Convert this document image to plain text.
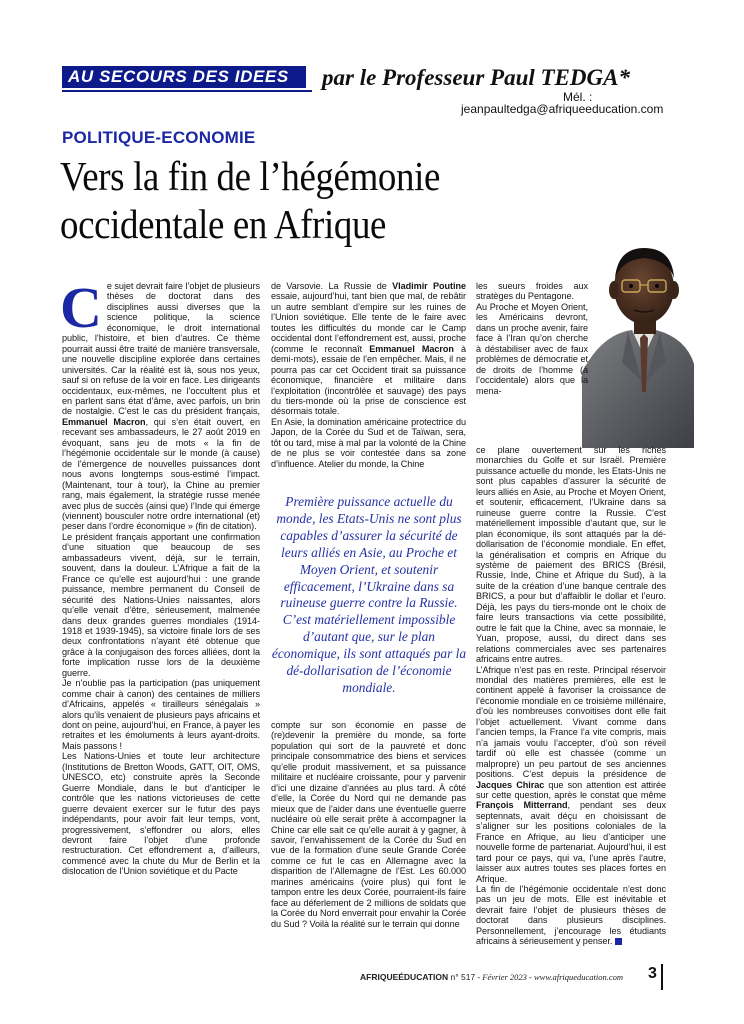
AU SECOURS DES IDEES	par le Professeur Paul TEDGA*
Mél. :
jeanpaultedga@afriqueeducation.com
POLITIQUE-ECONOMIE
Vers la fin de l’hégémonie occidentale en Afrique
C e sujet devrait faire l’objet de plusieurs thèses de doctorat dans des disciplines aussi diverses que la science politique, la science économique, le droit international public, l’histoire, et bien d’autres. Ce thème pourrait aussi être traité de manière transversale, une nouvelle discipline explorée dans certaines universités. Car la réalité est là, sous nos yeux, sauf si on refuse de la voir en face. Les dirigeants occidentaux, eux-mêmes, ne l’occultent plus et en parlent sans état d’âme, avec parfois, un brin de nostalgie. C’est le cas du président français, Emmanuel Macron, qui s’en était ouvert, en recevant ses ambassadeurs, le 27 août 2019 en évoquant, sans jeu de mots « la fin de l’hégémonie occidentale sur le monde (à cause) de l’émergence de nouvelles puissances dont nous avons longtemps sous-estimé l’impact. (Maintenant, tour à tour), la Chine au premier rang, mais également, la stratégie russe menée avec plus de succès (ainsi que) l’Inde qui émerge (viennent) bousculer notre ordre international (et) peser dans l’ordre économique » (fin de citation).

Le président français apportant une confirmation d’une situation que beaucoup de ses ambassadeurs vivent, déjà, sur le terrain, souvent, dans la douleur. L’Afrique a fait de la France ce qu’elle est aujourd’hui : une grande puissance, membre permanent du Conseil de sécurité des Nations-Unies naissantes, alors qu’elle venait d’être, sérieusement, malmenée dans deux grandes guerres mondiales (1914-1918 et 1939-1945), sa victoire finale lors de ses deux confrontations n’ayant été obtenue que grâce à la conjugaison des forces alliées, dont la forte implication russe lors de la deuxième guerre.

Je n’oublie pas la participation (pas uniquement comme chair à canon) des centaines de milliers d’Africains, appelés « tirailleurs sénégalais » alors qu’ils venaient de plusieurs pays africains et dont on peine, aujourd’hui, en France, à payer les retraites et les émoluments à leurs ayant-droits. Mais passons !

Les Nations-Unies et toute leur architecture (Institutions de Bretton Woods, GATT, OIT, OMS, UNESCO, etc) construite après la Seconde Guerre Mondiale, dans le but d’anticiper le contrôle que les nations victorieuses de cette guerre devaient exercer sur le futur des pays indépendants, pour avoir fait leur temps, vont, progressivement, s’effondrer ou alors, elles devront faire l’objet d’une profonde restructuration. Cet effondrement a, d’ailleurs, commencé avec la chute du Mur de Berlin et la dislocation de l’Union soviétique et du Pacte

de Varsovie. La Russie de Vladimir Poutine essaie, aujourd’hui, tant bien que mal, de rebâtir un autre semblant d’empire sur les ruines de l’Union soviétique. Elle tente de le faire avec toutes les difficultés du monde car le Camp occidental dont l’effondrement est, aussi, proche (comme le reconnaît Emmanuel Macron à demi-mots), essaie de l’en empêcher. Mais, il ne pourra pas car cet Occident tirait sa puissance économique, financière et militaire dans l’exploitation (incontrôlée et sauvage) des pays du tiers-monde où la prise de conscience est désormais totale.

En Asie, la domination américaine protectrice du Japon, de la Corée du Sud et de Taïwan, sera, tôt ou tard, mise à mal par la volonté de la Chine de ne plus se voir contestée dans sa zone d’influence. Atelier du monde, la Chine

Première puissance actuelle du monde, les Etats-Unis ne sont plus capables d’assurer la sécurité de leurs alliés en Asie, au Proche et Moyen Orient, et soutenir efficacement, l’Ukraine dans sa ruineuse guerre contre la Russie. C’est matériellement impossible d’autant que, sur le plan économique, ils sont attaqués par la dé-dollarisation de l’économie mondiale.

compte sur son économie en passe de (re)devenir la première du monde, sa forte population qui sort de la pauvreté et donc principale consommatrice des biens et services qu’elle produit massivement, et sa puissance militaire et nucléaire croissante, pour y parvenir d’ici une dizaine d’années au plus tard. À côté d’elle, la Corée du Nord qui ne demande pas mieux que de l’aider dans une éventuelle guerre nucléaire où elle serait prête à accompagner la Chine car elle sait ce qu’elle aurait à y gagner, à savoir, l’envahissement de la Corée du Sud en vue de la formation d’une seule Grande Corée comme ce fut le cas en Allemagne avec la disparition de l’Allemagne de l’Est. Les 60.000 marines américains (voire plus) qui font le tampon entre les deux Corée, pourraient-ils faire face au déferlement de 2 millions de soldats que la Corée du Nord enverrait pour envahir la Corée du Sud ? Voilà la réalité sur le terrain qui donne

les sueurs froides aux stratèges du Pentagone.

Au Proche et Moyen Orient, les Américains devront, dans un proche avenir, faire face à l’Iran qu’on cherche à déstabiliser avec de faux problèmes de démocratie et de droits de l’homme (à l’occidentale) alors que la mena-

ce plane ouvertement sur les riches monarchies du Golfe et sur Israël. Première puissance actuelle du monde, les Etats-Unis ne sont plus capables d’assurer la sécurité de leurs alliés en Asie, au Proche et Moyen Orient, et soutenir, efficacement, l’Ukraine dans sa ruineuse guerre contre la Russie. C’est matériellement impossible d’autant que, sur le plan économique, ils sont attaqués par la dé-dollarisation de l’économie mondiale. En effet, la généralisation et compris en Afrique du système de paiement des BRICS (Brésil, Russie, Inde, Chine et Afrique du Sud), à la suite de la création d’une banque centrale des BRICS, a pour but d’affaiblir le dollar et l’euro. Déjà, les pays du tiers-monde ont le choix de faire leurs transactions via cette possibilité, outre le fait que la Chine, avec sa monnaie, le Yuan, propose, aussi, du direct dans ses relations commerciales avec ses partenaires africains entre autres.

L’Afrique n’est pas en reste. Principal réservoir mondial des matières premières, elle est le continent appelé à favoriser la croissance de l’économie mondiale en ce troisième millénaire, d’où les nombreuses convoitises dont elle fait l’objet actuellement. Vivant comme dans l’ancien temps, la France l’a vite compris, mais n’a jamais voulu l’accepter, d’où son réveil tardif où elle est chassée (comme un malpropre) un peu partout de ses anciennes positions. C’est depuis la présidence de Jacques Chirac que son attention est attirée sur cette question, après le constat que même François Mitterrand, pendant ses deux septennats, avait déçu en choisissant de s’aligner sur les positions coloniales de la France en Afrique, au lieu d’anticiper une nouvelle forme de partenariat. Aujourd’hui, il est tard pour ce pays, qui va, l’une après l’autre, laisser aux autres toutes ses places fortes en Afrique.

La fin de l’hégémonie occidentale n’est donc pas un jeu de mots. Elle est inévitable et devrait faire l’objet de plusieurs thèses de doctorat dans plusieurs disciplines. Personnellement, j’encourage les étudiants africains à sérieusement y penser.

AFRIQUEÉDUCATION n° 517 - Février 2023 - www.afriqueducation.com 3
